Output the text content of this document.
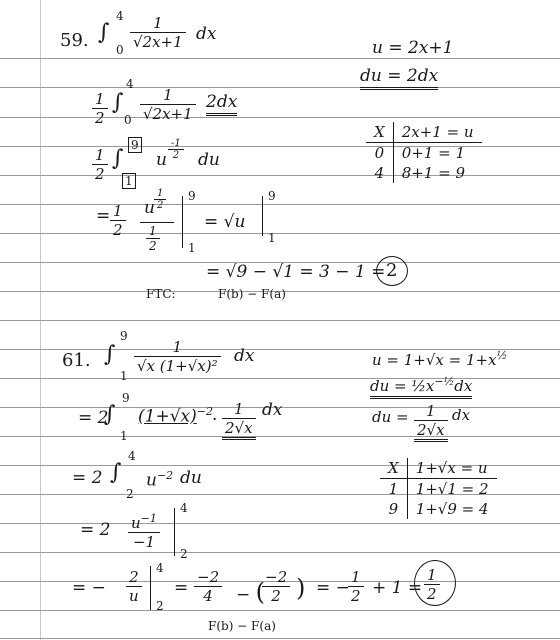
59. ∫
4
$0 \frac{1}{√2x+1}$ dx
u = 2x+1
du = 2dx
$\frac{1}{2}$ ∫
4
$0 \frac{1}{√2x+1} 2dx$
X	2x+1 = u
0	0+1 = 1
4	8+1 = 9
$\frac{1}{2}$ ∫
9
1
u $\frac{-1}{2}$ du
= $\frac{1}{2}$ u $\frac{1}{2}$
$\frac{1}{2}$
9
1
= √u
9
1
= √9 − √1 = 3 − 1 = 2
FTC:	F(b) − F(a)
61. ∫
9
1
$\frac{1}{\text{√x (1+√x)²}}$ dx	$u = 1+√x = 1+x^{\frac{1}{2}}$
du = $\frac{1}{2}x^{-\frac{1}{2}}dx$
du = $\frac{1}{2√x}$ dx
= 2
∫
9
1
$(1+√x)^{-2} \cdot \frac{1}{2√x}$ dx
X	1+√x = u
1	1+√1 = 2
9	1+√9 = 4
= 2 ∫
4
2
$u^{-2}$ du
= $2 \frac{u^{-1}}{-1}$
4
2
= − $\frac{2}{u} 4$
2
= $\frac{-2}{4}$ − (
$\frac{-2}{2}$ ) = −
$\frac{1}{2} + 1 = \frac{1}{2}$
F(b) − F(a)
